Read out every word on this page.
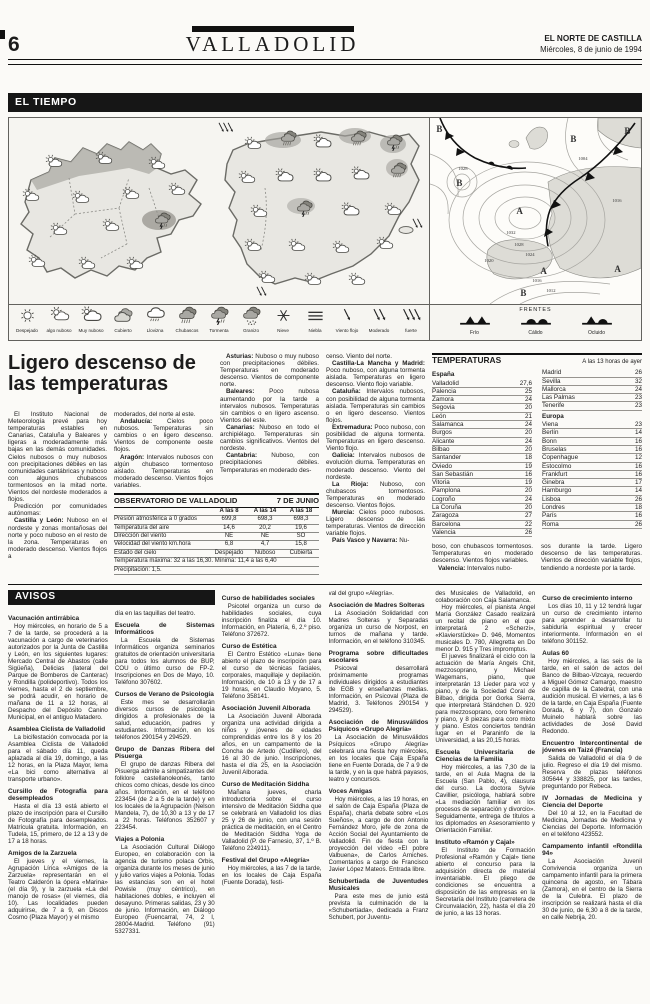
6	VALLADOLID	EL NORTE DE CASTILLA
Miércoles, 8 de junio de 1994
EL TIEMPO
B
B
B
B
A
A	A
B
1028
1004
1016
1032
1028
1024
1020
1016
1012
Despejado	algo nuboso	Muy nuboso	Cubierto	Llovizna	Chubascos	Tormenta	Granizo	Nieve	Niebla	Viento flojo	Moderado	fuerte
FRENTES
Frío	Cálido	Ocluido
Ligero descenso de las temperaturas

El Instituto Nacional de Meteorología prevé para hoy temperaturas estables en Canarias, Cataluña y Baleares y ligeras a moderadamente más bajas en las demás comunidades. Cielos nubosos o muy nubosos con precipitaciones débiles en las comunidades cantábricas y nuboso con algunos chubascos tormentosos en la mitad norte. Vientos del nordeste moderados a flojos.

Predicción por comunidades autónomas:

Castilla y León: Nuboso en el nordeste y zonas montañosas del norte y poco nuboso en el resto de la zona. Temperaturas en moderado descenso. Vientos flojos a

moderados, del norte al este.

Andalucía: Cielos poco nubosos. Temperaturas sin cambios o en ligero descenso. Vientos de componente oeste flojos.

Aragón: Intervalos nubosos con algún chubasco tormentoso aislado. Temperaturas en moderado descenso. Vientos flojos variables.

OBSERVATORIO DE VALLADOLID	7 DE JUNIO
A las 8	A las 14	A las 18
Presión atmosférica a 0 grados	699,8	698,3	698,3
Temperatura del aire	14,6	20,2	19,6
Dirección del viento	NE	NE	SO
Velocidad del viento km.hora	6,8	4,7	15,8
Estado del cielo	Despejado	Nuboso	Cubierta
Temperatura máxima: 32 a las 16,30. Mínima: 11,4 a las 6,40
Precipitación: 1,5.

Asturias: Nuboso o muy nuboso con precipitaciones débiles. Temperaturas en moderado descenso. Vientos de componente norte.

Baleares: Poco nubosa aumentando por la tarde a intervalos nubosos. Temperaturas sin cambios o en ligero ascenso. Vientos del este.

Canarias: Nuboso en todo el archipiélago. Temperaturas sin cambios significativos. Vientos del nordeste.

Cantabria: Nuboso, con precipitaciones débiles. Temperaturas en moderado des-

censo. Viento del norte.

Castilla-La Mancha y Madrid: Poco nuboso, con alguna tormenta aislada. Temperaturas en ligero descenso. Viento flojo variable.

Cataluña: Intervalos nubosos, con posibilidad de alguna tormenta aislada. Temperaturas sin cambios o en ligero descenso. Vientos flojos.

Extremadura: Poco nuboso, con posibilidad de alguna tormenta. Temperaturas en ligero descenso. Viento flojo.

Galicia: Intervalos nubosos de evolución diurna. Temperaturas en moderado descenso. Viento del nordeste.

La Rioja: Nuboso, con chubascos tormentosos. Temperaturas en moderado descenso. Vientos flojos.

Murcia: Cielos poco nubosos. Ligero descenso de las temperaturas. Vientos de dirección variable flojos.

País Vasco y Navarra: Nu-

TEMPERATURAS	A las 13 horas de ayer
España
Valladolid	27,6
Palencia	25
Zamora	24
Segovia	20
León	21
Salamanca	24
Burgos	20
Alicante	24
Bilbao	20
Santander	18
Oviedo	19
San Sebastián	16
Vitoria	19
Pamplona	20
Logroño	24
La Coruña	20
Zaragoza	27
Barcelona	22
Valencia	26
Madrid	26
Sevilla	32
Mallorca	24
Las Palmas	23
Tenerife	23
Europa
Viena	23
Berlín	14
Bonn	16
Bruselas	16
Copenhague	12
Estocolmo	16
Frankfurt	16
Ginebra	17
Hamburgo	14
Lisboa	26
Londres	18
París	16
Roma	26

boso, con chubascos tormentosos. Temperaturas en moderado descenso. Vientos flojos variables.

Valencia: Intervalos nubo-

sos durante la tarde. Ligero descenso de las temperaturas. Vientos de dirección variable flojos, tendiendo a nordeste por la tarde.

AVISOS
Vacunación antirrábica

Hoy miércoles, en horario de 5 a 7 de la tarde, se procederá a la vacunación a cargo de veterinarios autorizados por la Junta de Castilla y León, en los siguientes lugares: Mercado Central de Abastos (calle Sigüeña), Delicias (lateral del Parque de Bomberos de Canterac) y Rondilla (polideportivo). Todos los viernes, hasta el 2 de septiembre, se podrá acudir, en horario de mañana de 11 a 12 horas, al Despacho del Depósito Canino Municipal, en el antiguo Matadero.

Asamblea Ciclista de Valladolid

La bicifestación convocada por la Asamblea Ciclista de Valladolid para el sábado día 11, queda aplazada al día 19, domingo, a las 12 horas, en la Plaza Mayor, lema «La bici como alternativa al transporte urbano».

Cursillo de Fotografía para desempleados

Hasta el día 13 está abierto el plazo de inscripción para el Cursillo de Fotografía para desempleados. Matrícula gratuita. Información, en Tudela, 15, primero, de 12 a 13 y de 17 a 18 horas.

Amigos de la Zarzuela

El jueves y el viernes, la Agrupación Lírica «Amigos de la Zarzuela» representarán en el Teatro Calderón la ópera «Marina» (el día 9), y la zarzuela «La del manojo de rosas» (el viernes, día 10). Las localidades pueden adquirirse, de 7 a 9, en Discos Cosmo (Plaza Mayor) y el mismo

día en las taquillas del teatro.

Escuela de Sistemas Informáticos

La Escuela de Sistemas Informáticos organiza seminarios gratuitos de orientación universitaria para todos los alumnos de BUP, COU o último curso de FP-2. Inscripciones en Dos de Mayo, 10. Teléfono 307602.

Cursos de Verano de Psicología

Este mes se desarrollarán diversos cursos de psicología dirigidos a profesionales de la salud, educación, padres y estudiantes. Información, en los teléfonos 290154 y 294529.

Grupo de Danzas Ribera del Pisuerga

El grupo de danzas Ribera del Pisuerga admite a simpatizantes del folklore castellanoleonés, tanto chicos como chicas, desde los cinco años. Información, en el teléfono 223454 (de 2 a 5 de la tarde) y en los locales de la Agrupación (Nelson Mandela, 7), de 10,30 a 13 y de 17 a 22 horas. Teléfonos 352607 y 223454.

Viajes a Polonia

La Asociación Cultural Diálogo Europeo, en colaboración con la agencia de turismo polaca Orbis, organiza durante los meses de junio y julio varios viajes a Polonia. Todas las estancias son en el hotel Powisle (muy céntrico), en habitaciones dobles, e incluyen el desayuno. Primeras salidas, 23 y 30 de junio. Información, en Diálogo Europeo (Fuencarral, 74, 2 I, 28004-Madrid. Teléfono (91) 5327331.

Curso de habilidades sociales

Psicotel organiza un curso de habilidades sociales, cuya inscripción finaliza el día 10. Información, en Platería, 6, 2.º piso. Teléfono 372672.

Curso de Estética

El Centro Estético «Luna» tiene abierto el plazo de inscripción para el curso de técnicas faciales, corporales, maquillaje y depilación. Información, de 10 a 13 y de 17 a 19 horas, en Claudio Moyano, 5. Teléfono 358141.

Asociación Juvenil Alborada

La Asociación Juvenil Alborada organiza una actividad dirigida a niños y jóvenes de edades comprendidas entre los 8 y los 20 años, en un campamento de la Concha de Artedo (Cudillero), del 16 al 30 de junio. Inscripciones, hasta el día 25, en la Asociación Juvenil Alborada.

Curso de Meditación Siddha

Mañana jueves, charla introductoria sobre el curso intensivo de Meditación Siddha que se celebrará en Valladolid los días 25 y 26 de junio, con una sesión práctica de meditación, en el Centro de Meditación Siddha Yoga de Valladolid (P. de Farnesio, 37, 1.º B. Teléfono 224911).

Festival del Grupo «Alegría»

Hoy miércoles, a las 7 de la tarde, en los locales de Caja España (Fuente Dorada), festi-

val del grupo «Alegría».

Asociación de Madres Solteras

La Asociación Solidaridad con Madres Solteras y Separadas organiza un curso de Norpost, en turnos de mañana y tarde. Información, en el teléfono 310345.

Programa sobre dificultades escolares

Psicoval desarrollará próximamente programas individuales dirigidos a estudiantes de EGB y enseñanzas medias. Información, en Psicoval (Plaza de Madrid, 3. Teléfonos 290154 y 294529).

Asociación de Minusválidos Psíquicos «Grupo Alegría»

La Asociación de Minusválidos Psíquicos «Grupo Alegría» celebrará una fiesta hoy miércoles, en los locales que Caja España tiene en Fuente Dorada, de 7 a 9 de la tarde, y en la que habrá payasos, teatro y concursos.

Voces Amigas

Hoy miércoles, a las 19 horas, en el salón de Caja España (Plaza de España), charla debate sobre «Los Sueños», a cargo de don Antonio Fernández Moro, jefe de zona de Acción Social del Ayuntamiento de Valladolid. Fin de fiesta con la proyección del vídeo «El pobre Valbuena», de Carlos Arniches. Comentarios a cargo de Francisco Javier López Mateos. Entrada libre.

Schubertiada de Juventudes Musicales

Para este mes de junio está prevista la culminación de la «Schubertiada», dedicada a Franz Schubert, por Juventu-

des Musicales de Valladolid, en colaboración con Caja Salamanca.

Hoy miércoles, el pianista Angel María González Casado realizará un recital de piano en el que interpretará 2 «Scherzi», «Klavierstücke» D. 946, Momentos musicales D. 780, Allegretta en Do menor D. 915 y Tres impromptus.

El jueves finalizará el ciclo con la actuación de María Angels Chit, mezzosoprano, y Michael Wagemans, piano, que interpretarán 13 Lieder para voz y piano, y de la Sociedad Coral de Bilbao, dirigida por Gorka Sierra, que interpretará Ständchen D. 920 para mezzosoprano, coro femenino y piano, y 8 piezas para coro mixto y piano. Estos conciertos tendrán lugar en el Paraninfo de la Universidad, a las 20,15 horas.

Escuela Universitaria de Ciencias de la Familia

Hoy miércoles, a las 7,30 de la tarde, en el Aula Magna de la Escuela (San Pablo, 4), clausura del curso. La doctora Sylvie Cavillier, psicóloga, hablará sobre «La mediación familiar en los procesos de separación y divorcio». Seguidamente, entrega de títulos a los diplomados en Asesoramiento y Orientación Familiar.

Instituto «Ramón y Cajal»

El Instituto de Formación Profesional «Ramón y Cajal» tiene abierto el concurso para la adquisición directa de material inventariable. El pliego de condiciones se encuentra a disposición de las empresas en la Secretaría del Instituto (carretera de Circunvalación, 22), hasta el día 20 de junio, a las 13 horas.

Curso de crecimiento interno

Los días 10, 11 y 12 tendrá lugar un curso de crecimiento interno para aprender a desarrollar tu sabiduría espiritual y crecer interiormente. Información en el teléfono 301152.

Aulas 60

Hoy miércoles, a las seis de la tarde, en el salón de actos del Banco de Bilbao-Vizcaya, recuerdo a Miguel Gómez Camargo, maestro de capilla de la Catedral, con una audición musical. El viernes, a las 6 de la tarde, en Caja España (Fuente Dorada, 6 y 7), don Gonzalo Muinelo hablará sobre las actividades de José David Redondo.

Encuentro Intercontinental de jóvenes en Taizé (Francia)

Salida de Valladolid el día 9 de julio. Regreso el día 19 del mismo. Reserva de plazas teléfonos 305644 y 338825, por las tardes, preguntando por Rebeca.

IV Jornadas de Medicina y Ciencia del Deporte

Del 10 al 12, en la Facultad de Medicina, Jornadas de Medicina y Ciencias del Deporte. Información en el teléfono 423552.

Campamento infantil «Rondilla 94»

La Asociación Juvenil Convivencia organiza un campamento infantil para la primera quincena de agosto, en Tábara (Zamora), en el centro de la Sierra de la Culebra. El plazo de inscripción se realizará hasta el día 30 de junio, de 6,30 a 8 de la tarde, en calle Nebrija, 20.
